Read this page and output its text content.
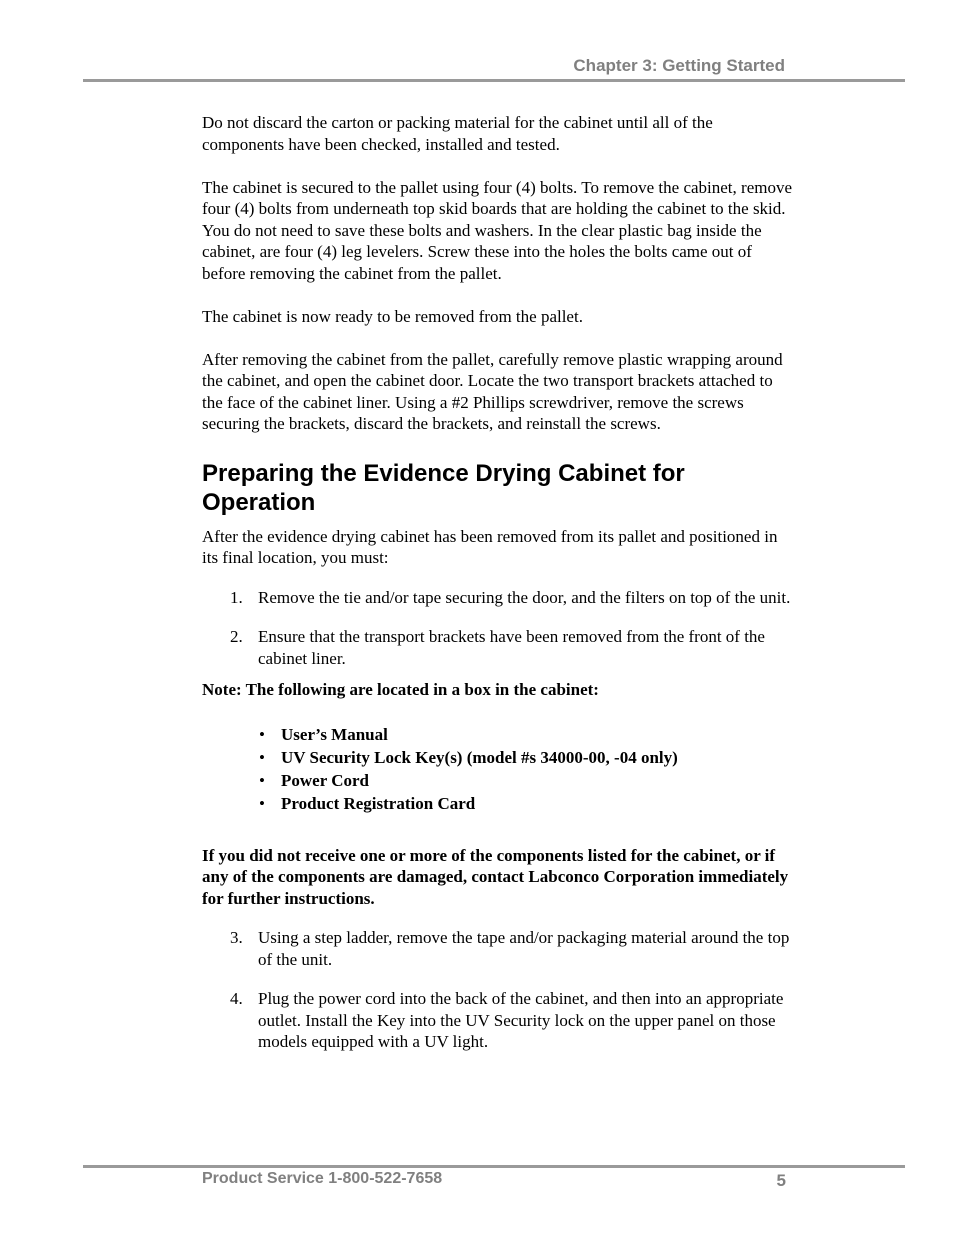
Chapter 3: Getting Started

Do not discard the carton or packing material for the cabinet until all of the components have been checked, installed and tested.

The cabinet is secured to the pallet using four (4) bolts. To remove the cabinet, remove four (4) bolts from underneath top skid boards that are holding the cabinet to the skid. You do not need to save these bolts and washers. In the clear plastic bag inside the cabinet, are four (4) leg levelers. Screw these into the holes the bolts came out of before removing the cabinet from the pallet.

The cabinet is now ready to be removed from the pallet.

After removing the cabinet from the pallet, carefully remove plastic wrapping around the cabinet, and open the cabinet door. Locate the two transport brackets attached to the face of the cabinet liner. Using a #2 Phillips screwdriver, remove the screws securing the brackets, discard the brackets, and reinstall the screws.

Preparing the Evidence Drying Cabinet for Operation

After the evidence drying cabinet has been removed from its pallet and positioned in its final location, you must:

1. Remove the tie and/or tape securing the door, and the filters on top of the unit.
2. Ensure that the transport brackets have been removed from the front of the cabinet liner.

Note: The following are located in a box in the cabinet:

• User’s Manual
• UV Security Lock Key(s) (model #s 34000-00, -04 only)
• Power Cord
• Product Registration Card

If you did not receive one or more of the components listed for the cabinet, or if any of the components are damaged, contact Labconco Corporation immediately for further instructions.

3. Using a step ladder, remove the tape and/or packaging material around the top of the unit.
4. Plug the power cord into the back of the cabinet, and then into an appropriate outlet. Install the Key into the UV Security lock on the upper panel on those models equipped with a UV light.
Product Service 1-800-522-7658	5
